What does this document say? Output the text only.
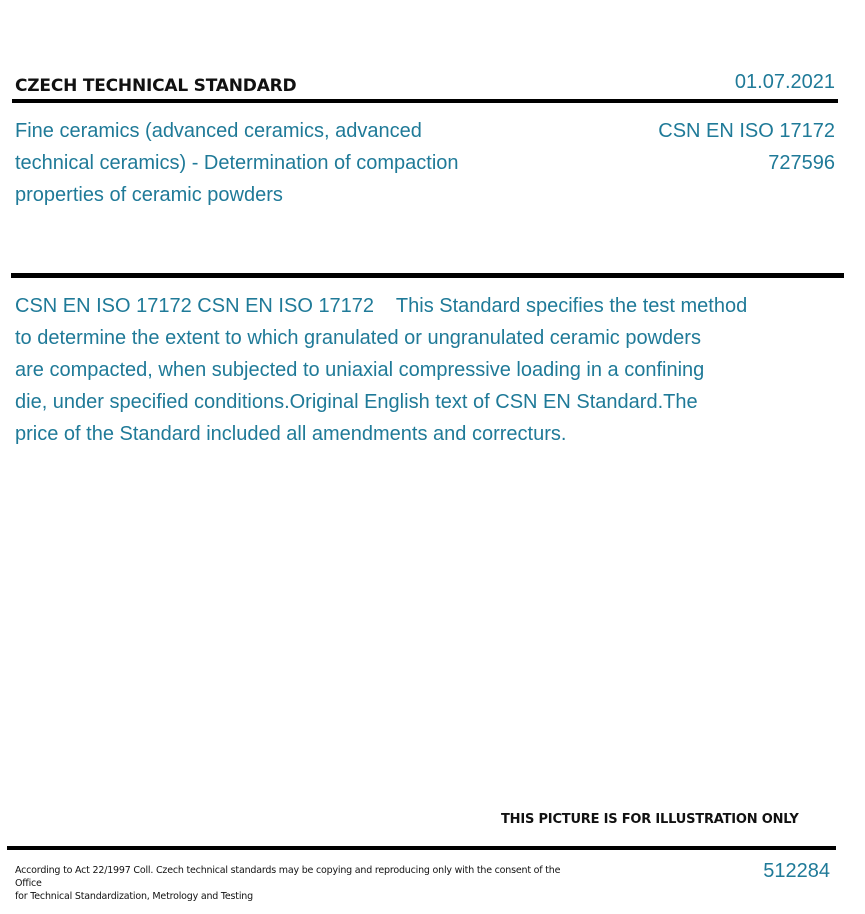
CZECH TECHNICAL STANDARD	01.07.2021
Fine ceramics (advanced ceramics, advanced
technical ceramics) - Determination of compaction
properties of ceramic powders
CSN EN ISO 17172
727596
CSN EN ISO 17172 CSN EN ISO 17172    This Standard specifies the test method
to determine the extent to which granulated or ungranulated ceramic powders
are compacted, when subjected to uniaxial compressive loading in a confining
die, under specified conditions.Original English text of CSN EN Standard.The
price of the Standard included all amendments and correcturs.
THIS PICTURE IS FOR ILLUSTRATION ONLY
According to Act 22/1997 Coll. Czech technical standards may be copying and reproducing only with the consent of the Office
for Technical Standardization, Metrology and Testing
512284
